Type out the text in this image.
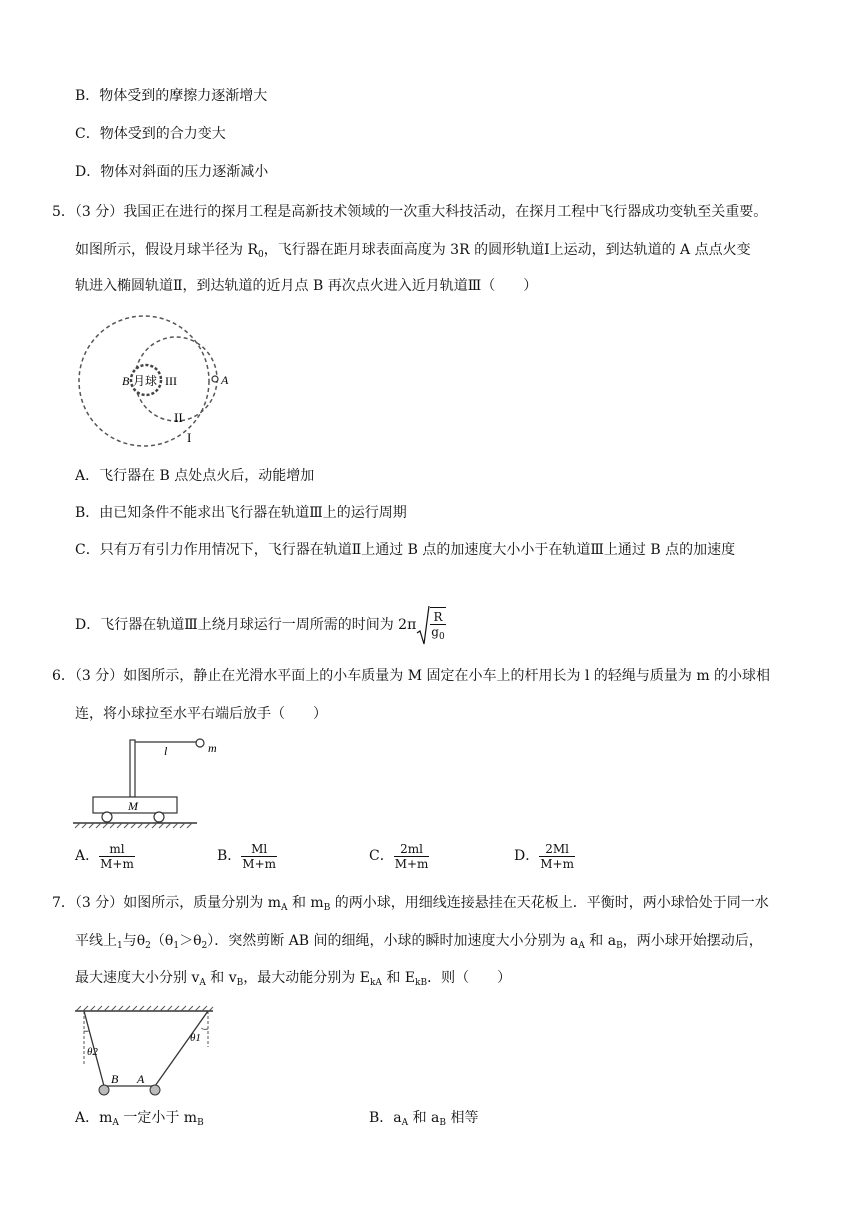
B．物体受到的摩擦力逐渐增大
C．物体受到的合力变大
D．物体对斜面的压力逐渐减小
5．（3 分）我国正在进行的探月工程是高新技术领域的一次重大科技活动，在探月工程中飞行器成功变轨至关重要。
如图所示，假设月球半径为 $R_0$，飞行器在距月球表面高度为 3R 的圆形轨道Ⅰ上运动，到达轨道的 A 点点火变
轨进入椭圆轨道Ⅱ，到达轨道的近月点 B 再次点火进入近月轨道Ⅲ（　　）
B 月球 III	A
II
I
A．飞行器在 B 点处点火后，动能增加
B．由已知条件不能求出飞行器在轨道Ⅲ上的运行周期
C．只有万有引力作用情况下，飞行器在轨道Ⅱ上通过 B 点的加速度大小小于在轨道Ⅲ上通过 B 点的加速度
D．飞行器在轨道Ⅲ上绕月球运行一周所需的时间为 $2\pi \frac{R}{g_0}$
6．（3 分）如图所示，静止在光滑水平面上的小车质量为 M 固定在小车上的杆用长为 l 的轻绳与质量为 m 的小球相
连，将小球拉至水平右端后放手（　　）
l	m
M
A． $\frac{ml}{M+m}$	B． $\frac{Ml}{M+m}$	C． $\frac{2ml}{M+m}$	D． $\frac{2Ml}{M+m}$
7．（3 分）如图所示，质量分别为 $m_A$ 和 $m_B$ 的两小球，用细线连接悬挂在天花板上．平衡时，两小球恰处于同一水
平线上$_1$与$\theta_2(\theta_1>\theta_2)$．突然剪断 AB 间的细绳，小球的瞬时加速度大小分别为 $a_A$ 和 $a_B$，两小球开始摆动后，
最大速度大小分别 $v_A$ 和 $v_B$，最大动能分别为 $E_{kA}$ 和 $E_{kB}$．则（　　）
θ2
θ1
B A
A．$m_A$ 一定小于 $m_B$	B．$a_A$ 和 $a_B$ 相等
